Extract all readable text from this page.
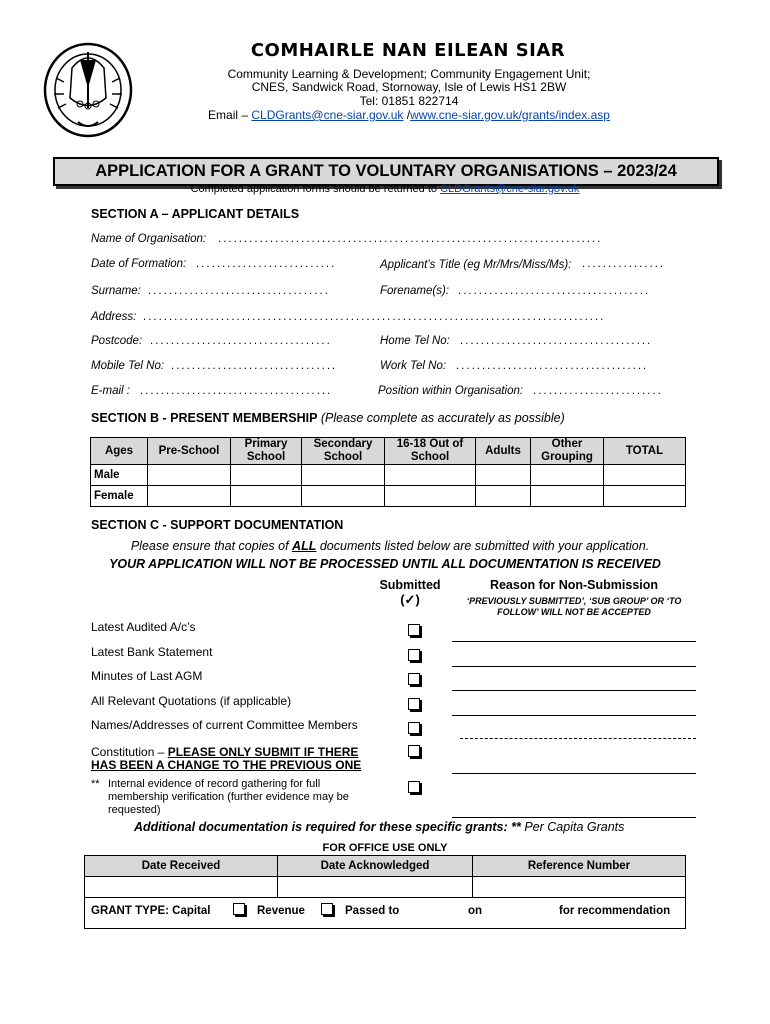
COMHAIRLE NAN EILEAN SIAR
Community Learning & Development; Community Engagement Unit;
CNES, Sandwick Road, Stornoway, Isle of Lewis HS1 2BW
Tel: 01851 822714
Email – CLDGrants@cne-siar.gov.uk /www.cne-siar.gov.uk/grants/index.asp
APPLICATION FOR A GRANT TO VOLUNTARY ORGANISATIONS – 2023/24
Completed application forms should be returned to CLDGrants@cne-siar.gov.uk
SECTION A – APPLICANT DETAILS
Name of Organisation: ..........................................................................
Date of Formation: ...........................	Applicant’s Title (eg Mr/Mrs/Miss/Ms): ................
Surname: ...................................	Forename(s): .....................................
Address: .........................................................................................
Postcode: ...................................	Home Tel No: .....................................
Mobile Tel No: ................................	Work Tel No: .....................................
E-mail : .....................................	Position within Organisation: .........................
SECTION B - PRESENT MEMBERSHIP (Please complete as accurately as possible)
Ages	Pre-School	Primary School	Secondary School	16-18 Out of School	Adults	Other Grouping	TOTAL
Male							
Female							
SECTION C - SUPPORT DOCUMENTATION
Please ensure that copies of ALL documents listed below are submitted with your application.
YOUR APPLICATION WILL NOT BE PROCESSED UNTIL ALL DOCUMENTATION IS RECEIVED
Submitted
(✓)
Reason for Non-Submission
‘PREVIOUSLY SUBMITTED’, ‘SUB GROUP’ OR ‘TO FOLLOW’ WILL NOT BE ACCEPTED
Latest Audited A/c’s
Latest Bank Statement
Minutes of Last AGM
All Relevant Quotations (if applicable)
Names/Addresses of current Committee Members
Constitution – PLEASE ONLY SUBMIT IF THERE HAS BEEN A CHANGE TO THE PREVIOUS ONE
** Internal evidence of record gathering for full membership verification (further evidence may be requested)
Additional documentation is required for these specific grants: ** Per Capita Grants
FOR OFFICE USE ONLY
Date Received	Date Acknowledged	Reference Number

GRANT TYPE: Capital Revenue Passed to on for recommendation		
